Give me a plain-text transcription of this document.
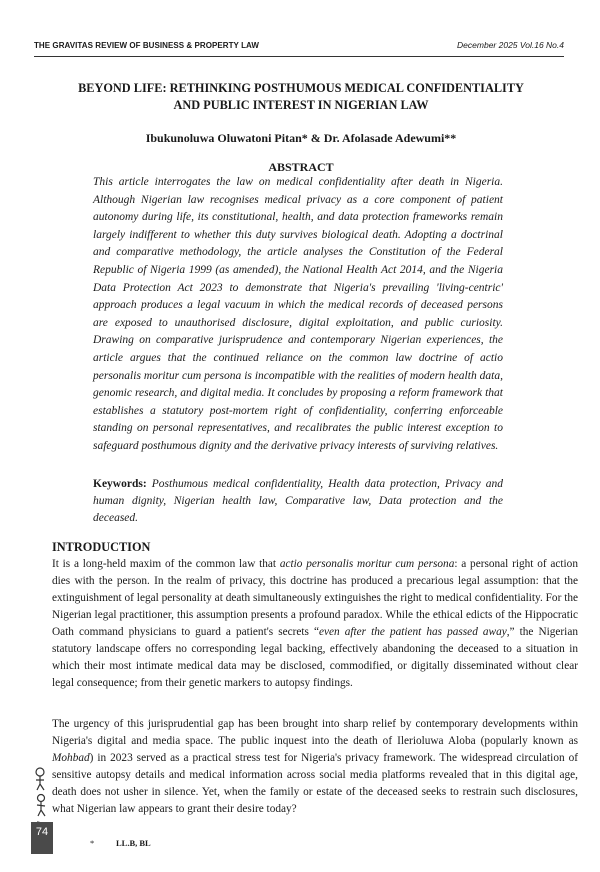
THE GRAVITAS REVIEW OF BUSINESS & PROPERTY LAW	December 2025 Vol.16 No.4
BEYOND LIFE: RETHINKING POSTHUMOUS MEDICAL CONFIDENTIALITY
AND PUBLIC INTEREST IN NIGERIAN LAW

Ibukunoluwa Oluwatoni Pitan* & Dr. Afolasade Adewumi**

ABSTRACT

This article interrogates the law on medical confidentiality after death in Nigeria. Although Nigerian law recognises medical privacy as a core component of patient autonomy during life, its constitutional, health, and data protection frameworks remain largely indifferent to whether this duty survives biological death. Adopting a doctrinal and comparative methodology, the article analyses the Constitution of the Federal Republic of Nigeria 1999 (as amended), the National Health Act 2014, and the Nigeria Data Protection Act 2023 to demonstrate that Nigeria's prevailing 'living-centric' approach produces a legal vacuum in which the medical records of deceased persons are exposed to unauthorised disclosure, digital exploitation, and public curiosity. Drawing on comparative jurisprudence and contemporary Nigerian experiences, the article argues that the continued reliance on the common law doctrine of actio personalis moritur cum persona is incompatible with the realities of modern health data, genomic research, and digital media. It concludes by proposing a reform framework that establishes a statutory post-mortem right of confidentiality, conferring enforceable standing on personal representatives, and recalibrates the public interest exception to safeguard posthumous dignity and the derivative privacy interests of surviving relatives.

Keywords: Posthumous medical confidentiality, Health data protection, Privacy and human dignity, Nigerian health law, Comparative law, Data protection and the deceased.

INTRODUCTION

It is a long-held maxim of the common law that actio personalis moritur cum persona: a personal right of action dies with the person. In the realm of privacy, this doctrine has produced a precarious legal assumption: that the extinguishment of legal personality at death simultaneously extinguishes the right to medical confidentiality. For the Nigerian legal practitioner, this assumption presents a profound paradox. While the ethical edicts of the Hippocratic Oath command physicians to guard a patient's secrets “even after the patient has passed away,” the Nigerian statutory landscape offers no corresponding legal backing, effectively abandoning the deceased to a situation in which their most intimate medical data may be disclosed, commodified, or digitally disseminated without clear legal consequence; from their genetic markers to autopsy findings.

The urgency of this jurisprudential gap has been brought into sharp relief by contemporary developments within Nigeria's digital and media space. The public inquest into the death of Ilerioluwa Aloba (popularly known as Mohbad) in 2023 served as a practical stress test for Nigeria's privacy framework. The widespread circulation of sensitive autopsy details and medical information across social media platforms revealed that in this digital age, death does not usher in silence. Yet, when the family or estate of the deceased seeks to restrain such disclosures, what Nigerian law appears to grant their desire today?

74

*	LL.B, BL
